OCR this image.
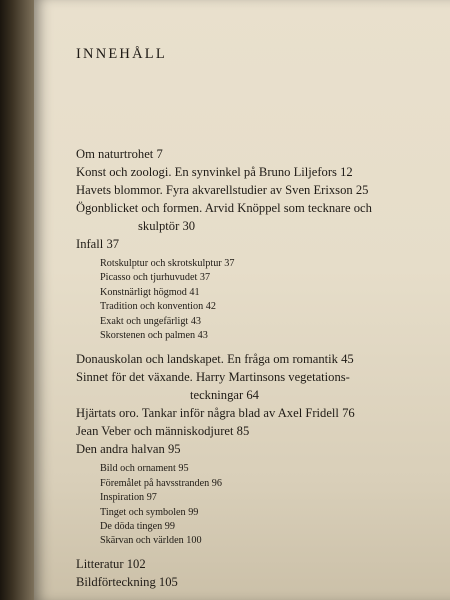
INNEHÅLL

Om naturtrohet 7

Konst och zoologi. En synvinkel på Bruno Liljefors 12

Havets blommor. Fyra akvarellstudier av Sven Erixson 25

Ögonblicket och formen. Arvid Knöppel som tecknare och
skulptör 30

Infall 37

Rotskulptur och skrotskulptur 37

Picasso och tjurhuvudet 37

Konstnärligt högmod 41

Tradition och konvention 42

Exakt och ungefärligt 43

Skorstenen och palmen 43

Donauskolan och landskapet. En fråga om romantik 45

Sinnet för det växande. Harry Martinsons vegetations-
teckningar 64

Hjärtats oro. Tankar inför några blad av Axel Fridell 76

Jean Veber och människodjuret 85

Den andra halvan 95

Bild och ornament 95

Föremålet på havsstranden 96

Inspiration 97

Tinget och symbolen 99

De döda tingen 99

Skärvan och världen 100

Litteratur 102

Bildförteckning 105
